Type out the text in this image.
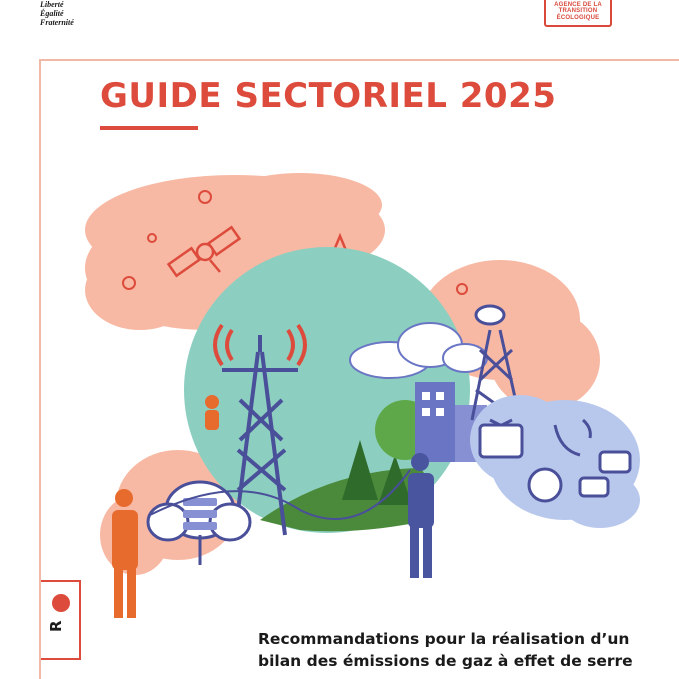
Liberté
Égalité
Fraternité
AGENCE DE LA
TRANSITION
ÉCOLOGIQUE
GUIDE SECTORIEL 2025
R
Recommandations pour la réalisation d’un
bilan des émissions de gaz à effet de serre
